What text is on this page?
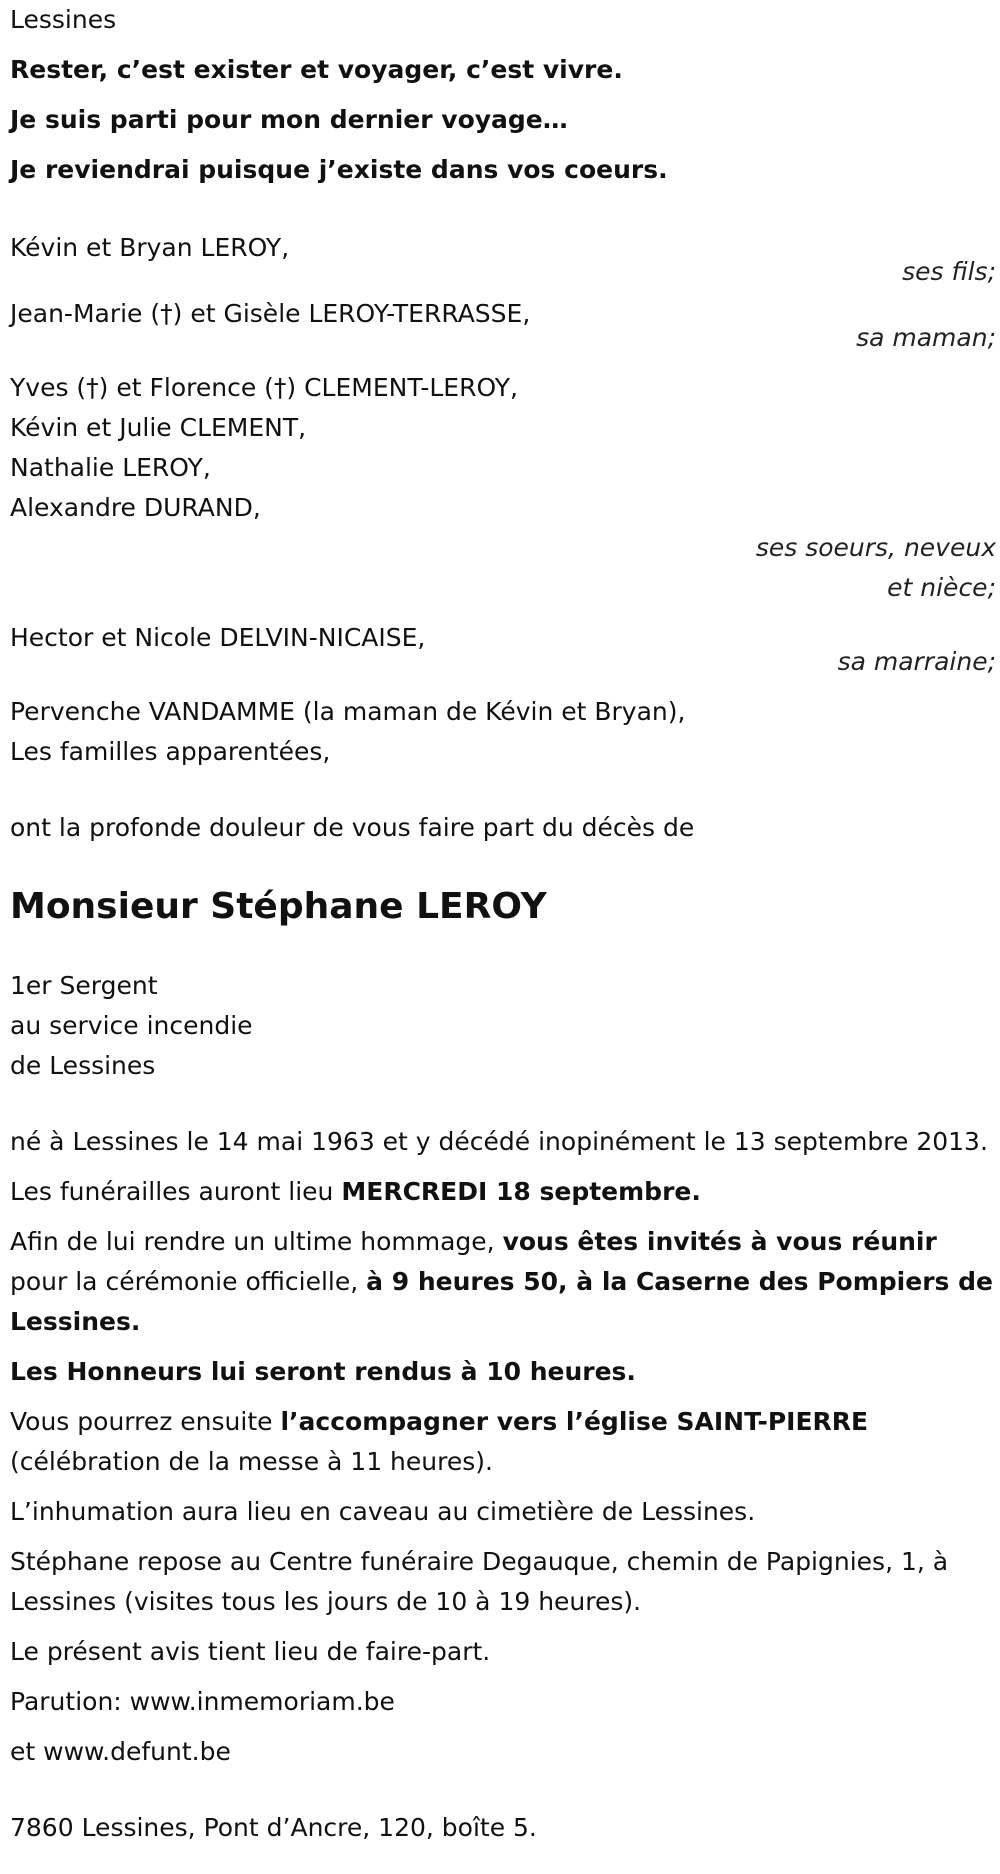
Lessines

Rester, c’est exister et voyager, c’est vivre.

Je suis parti pour mon dernier voyage…

Je reviendrai puisque j’existe dans vos coeurs.

Kévin et Bryan LEROY,

ses fils;

Jean-Marie (†) et Gisèle LEROY-TERRASSE,

sa maman;

Yves (†) et Florence (†) CLEMENT-LEROY,

Kévin et Julie CLEMENT,

Nathalie LEROY,

Alexandre DURAND,

ses soeurs, neveux

et nièce;

Hector et Nicole DELVIN-NICAISE,

sa marraine;

Pervenche VANDAMME (la maman de Kévin et Bryan),

Les familles apparentées,

ont la profonde douleur de vous faire part du décès de

Monsieur Stéphane LEROY

1er Sergent

au service incendie

de Lessines

né à Lessines le 14 mai 1963 et y décédé inopinément le 13 septembre 2013.

Les funérailles auront lieu MERCREDI 18 septembre.

Afin de lui rendre un ultime hommage, vous êtes invités à vous réunir pour la cérémonie officielle, à 9 heures 50, à la Caserne des Pompiers de Lessines.

Les Honneurs lui seront rendus à 10 heures.

Vous pourrez ensuite l’accompagner vers l’église SAINT-PIERRE (célébration de la messe à 11 heures).

L’inhumation aura lieu en caveau au cimetière de Lessines.

Stéphane repose au Centre funéraire Degauque, chemin de Papignies, 1, à Lessines (visites tous les jours de 10 à 19 heures).

Le présent avis tient lieu de faire-part.

Parution: www.inmemoriam.be

et www.defunt.be

7860 Lessines, Pont d’Ancre, 120, boîte 5.
